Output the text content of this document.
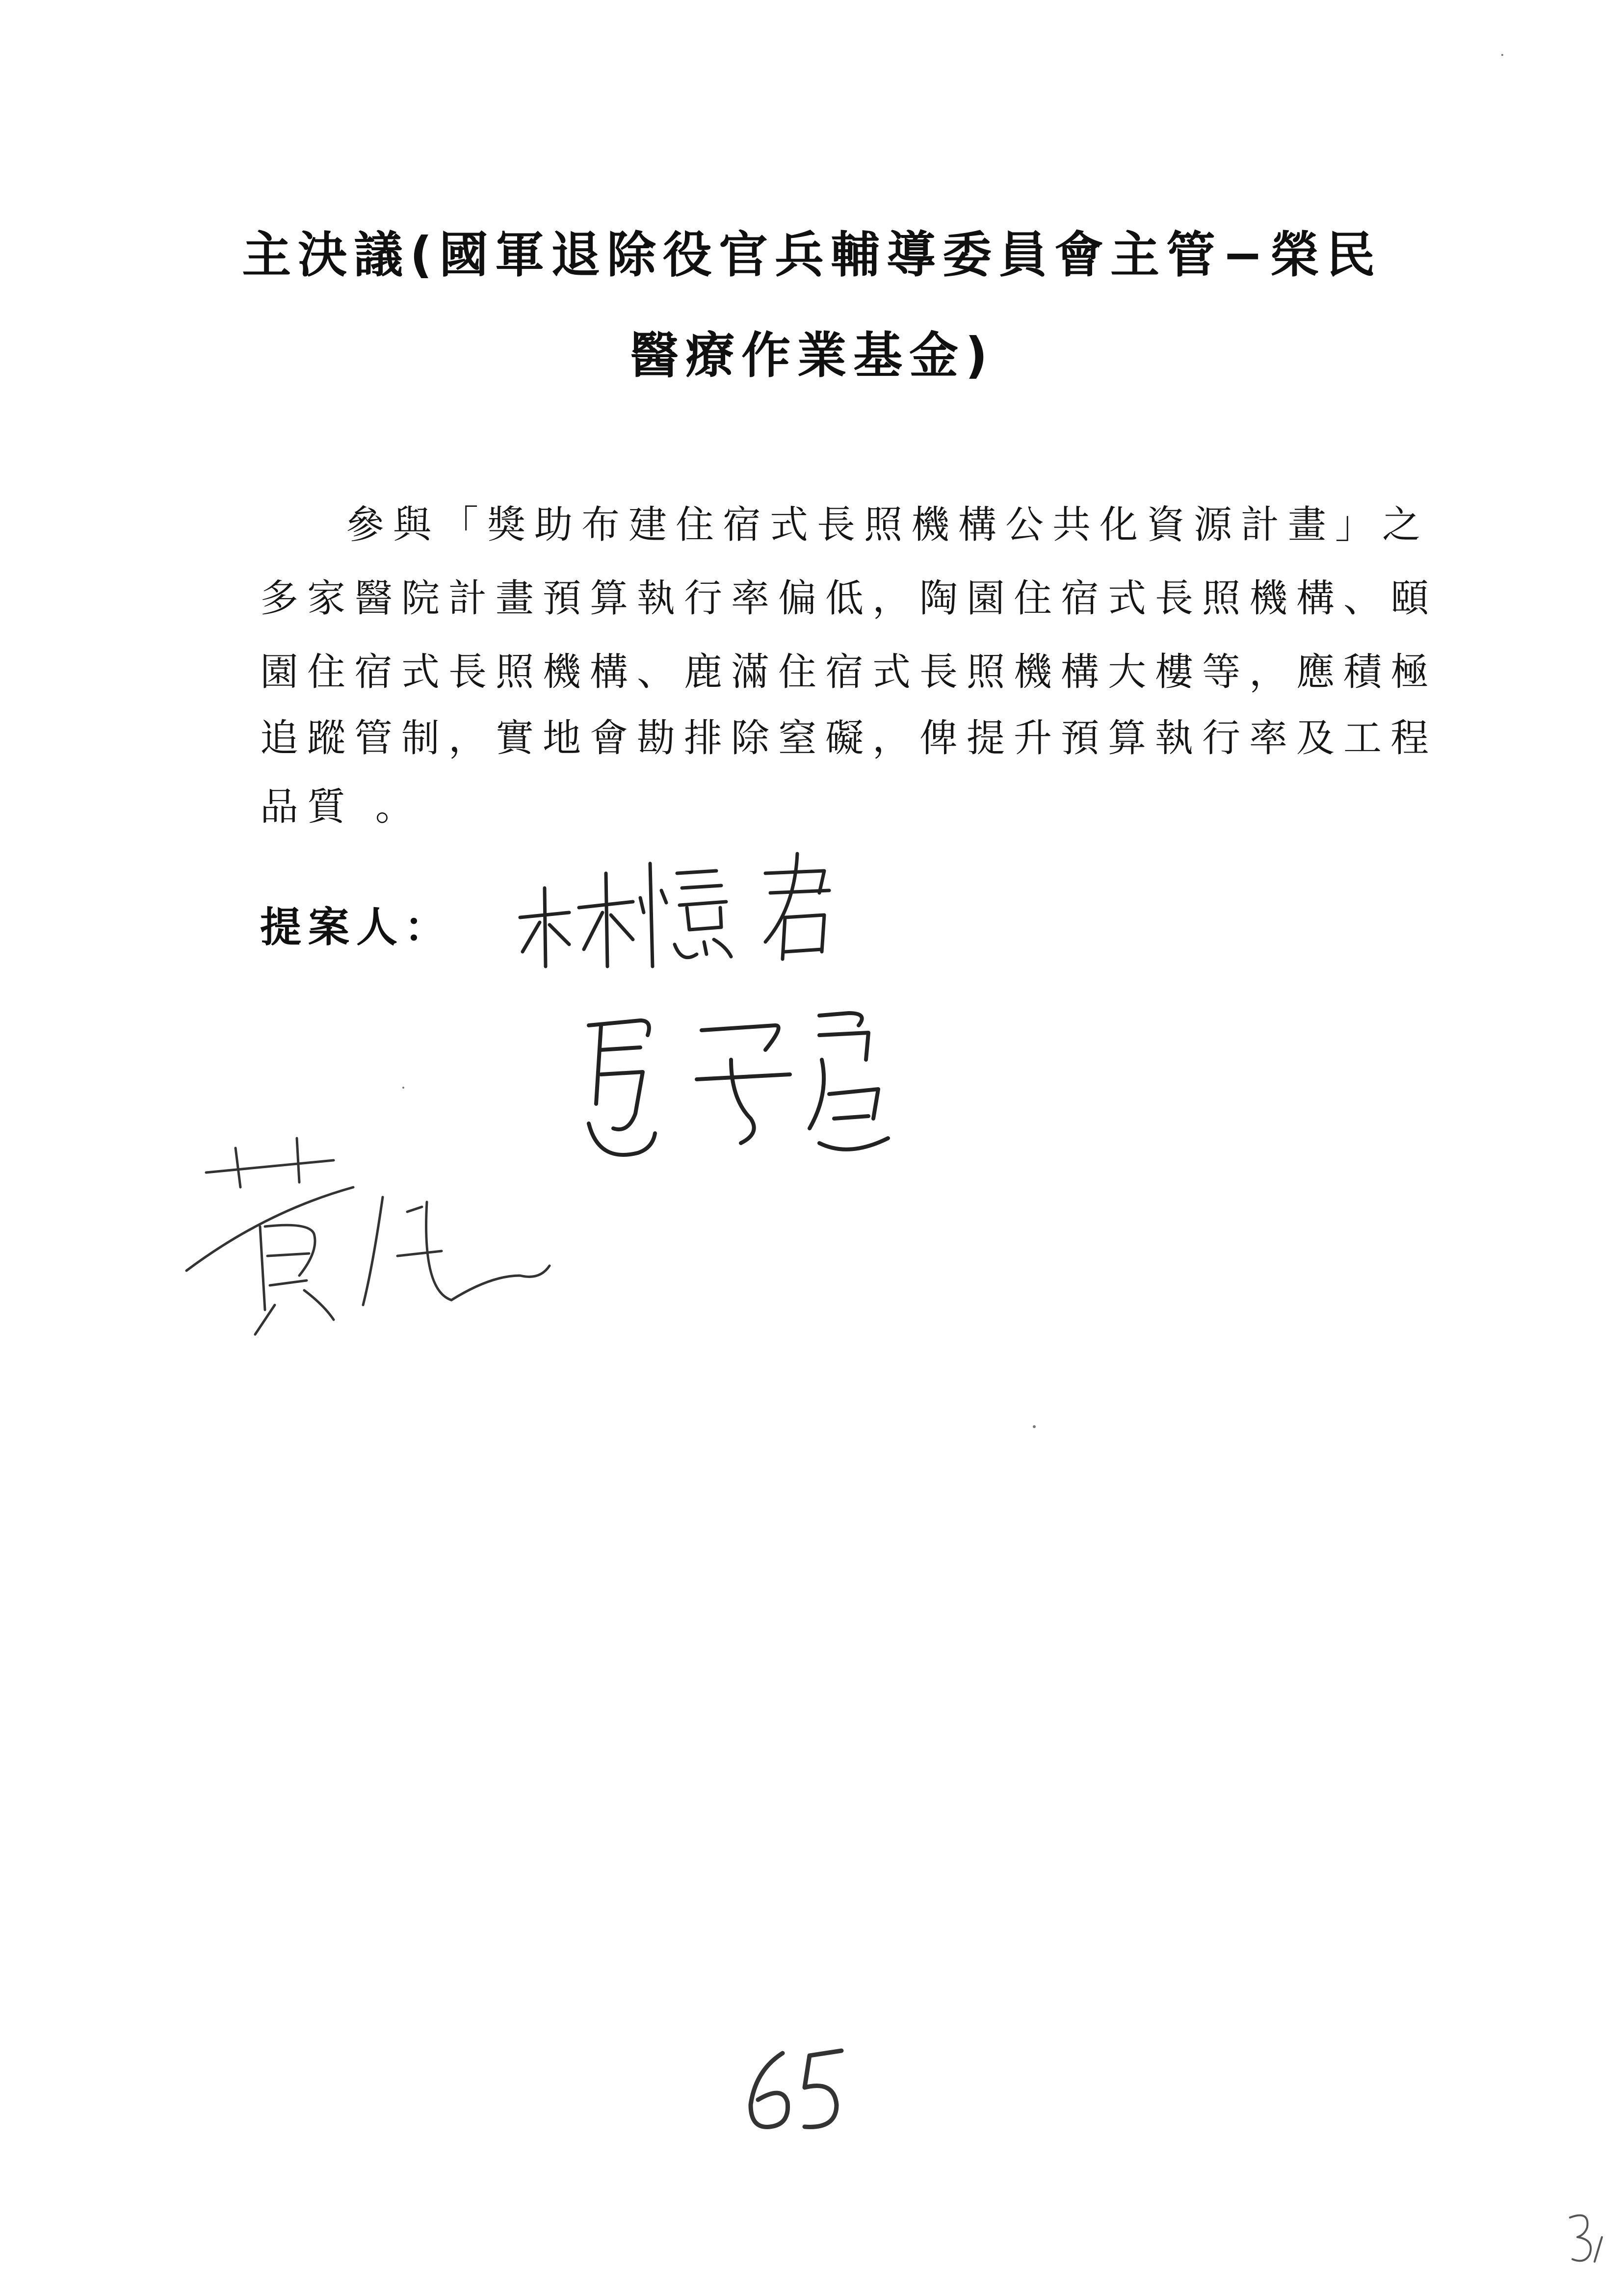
主決議(國軍退除役官兵輔導委員會主管−榮民
醫療作業基金)
參與「獎助布建住宿式長照機構公共化資源計畫」之
多家醫院計畫預算執行率偏低，陶園住宿式長照機構、頤
園住宿式長照機構、鹿滿住宿式長照機構大樓等，應積極
追蹤管制，實地會勘排除窒礙，俾提升預算執行率及工程
品質 。
提案人：
